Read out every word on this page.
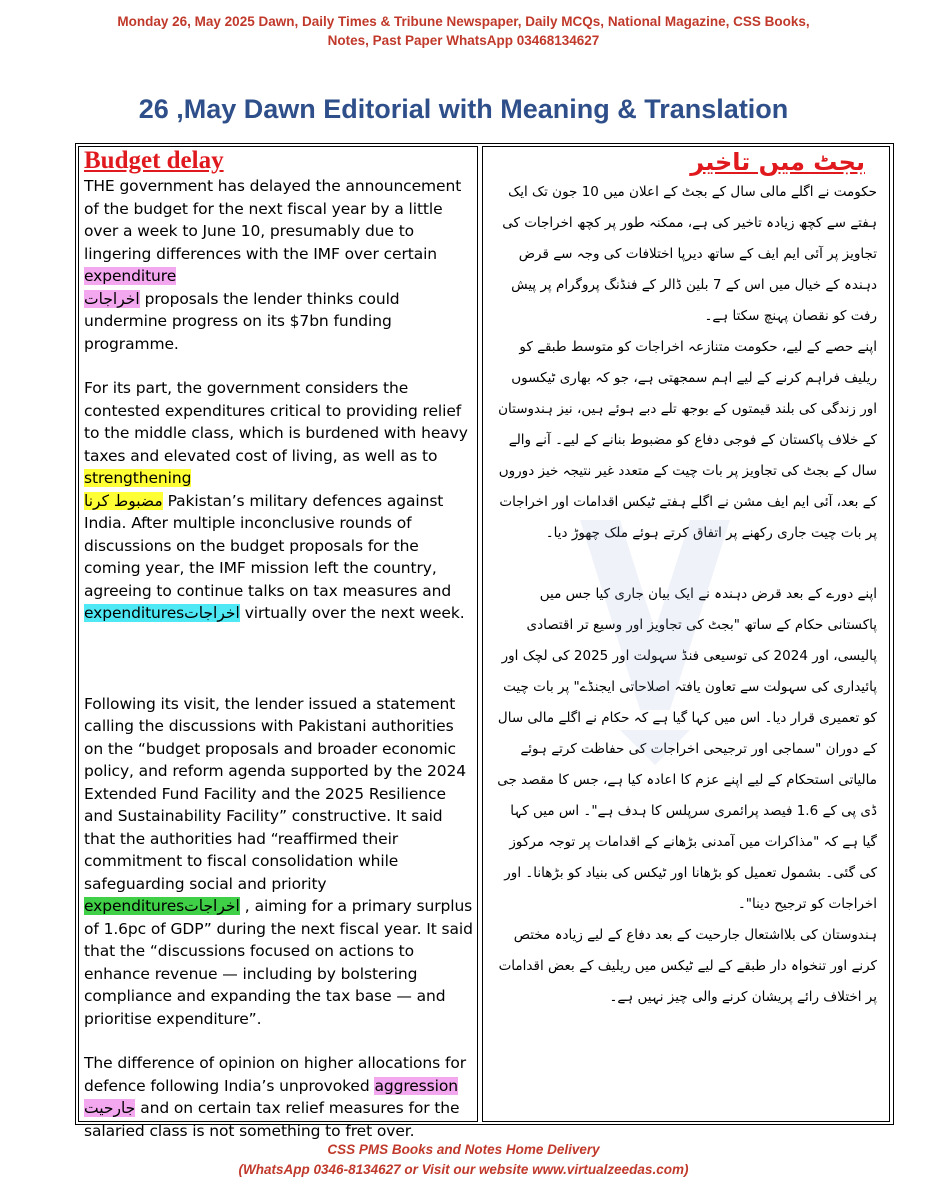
Monday 26, May 2025 Dawn, Daily Times & Tribune Newspaper, Daily MCQs, National Magazine, CSS Books,
Notes, Past Paper WhatsApp 03468134627
26 ,May Dawn Editorial with Meaning & Translation
Budget delay

THE government has delayed the announcement of the budget for the next fiscal year by a little over a week to June 10, presumably due to lingering differences with the IMF over certain expenditure
اخراجات proposals the lender thinks could undermine progress on its $7bn funding programme.

For its part, the government considers the contested expenditures critical to providing relief to the middle class, which is burdened with heavy taxes and elevated cost of living, as well as to strengthening
مضبوط کرنا Pakistan’s military defences against India. After multiple inconclusive rounds of discussions on the budget proposals for the coming year, the IMF mission left the country, agreeing to continue talks on tax measures and expendituresاخراجات virtually over the next week.

Following its visit, the lender issued a statement calling the discussions with Pakistani authorities on the “budget proposals and broader economic policy, and reform agenda supported by the 2024 Extended Fund Facility and the 2025 Resilience and Sustainability Facility” constructive. It said that the authorities had “reaffirmed their commitment to fiscal consolidation while safeguarding social and priority expendituresاخراجات , aiming for a primary surplus of 1.6pc of GDP” during the next fiscal year. It said that the “discussions focused on actions to enhance revenue — including by bolstering compliance and expanding the tax base — and prioritise expenditure”.

The difference of opinion on higher allocations for defence following India’s unprovoked aggression
جارحیت and on certain tax relief measures for the salaried class is not something to fret over.

بجٹ میں تاخیر

حکومت نے اگلے مالی سال کے بجٹ کے اعلان میں 10 جون تک ایک ہفتے سے کچھ زیادہ تاخیر کی ہے، ممکنہ طور پر کچھ اخراجات کی تجاویز پر آئی ایم ایف کے ساتھ دیرپا اختلافات کی وجہ سے قرض دہندہ کے خیال میں اس کے 7 بلین ڈالر کے فنڈنگ پروگرام پر پیش رفت کو نقصان پہنچ سکتا ہے۔

اپنے حصے کے لیے، حکومت متنازعہ اخراجات کو متوسط طبقے کو ریلیف فراہم کرنے کے لیے اہم سمجھتی ہے، جو کہ بھاری ٹیکسوں اور زندگی کی بلند قیمتوں کے بوجھ تلے دبے ہوئے ہیں، نیز ہندوستان کے خلاف پاکستان کے فوجی دفاع کو مضبوط بنانے کے لیے۔ آنے والے سال کے بجٹ کی تجاویز پر بات چیت کے متعدد غیر نتیجہ خیز دوروں کے بعد، آئی ایم ایف مشن نے اگلے ہفتے ٹیکس اقدامات اور اخراجات پر بات چیت جاری رکھنے پر اتفاق کرتے ہوئے ملک چھوڑ دیا۔

اپنے دورے کے بعد قرض دہندہ نے ایک بیان جاری کیا جس میں پاکستانی حکام کے ساتھ "بجٹ کی تجاویز اور وسیع تر اقتصادی پالیسی، اور 2024 کی توسیعی فنڈ سہولت اور 2025 کی لچک اور پائیداری کی سہولت سے تعاون یافتہ اصلاحاتی ایجنڈے" پر بات چیت کو تعمیری قرار دیا۔ اس میں کہا گیا ہے کہ حکام نے اگلے مالی سال کے دوران "سماجی اور ترجیحی اخراجات کی حفاظت کرتے ہوئے مالیاتی استحکام کے لیے اپنے عزم کا اعادہ کیا ہے، جس کا مقصد جی ڈی پی کے 1.6 فیصد پرائمری سرپلس کا ہدف ہے"۔ اس میں کہا گیا ہے کہ "مذاکرات میں آمدنی بڑھانے کے اقدامات پر توجہ مرکوز کی گئی۔ بشمول تعمیل کو بڑھانا اور ٹیکس کی بنیاد کو بڑھانا۔ اور اخراجات کو ترجیح دینا"۔

ہندوستان کی بلااشتعال جارحیت کے بعد دفاع کے لیے زیادہ مختص کرنے اور تنخواہ دار طبقے کے لیے ٹیکس میں ریلیف کے بعض اقدامات پر اختلاف رائے پریشان کرنے والی چیز نہیں ہے۔

CSS PMS Books and Notes Home Delivery
(WhatsApp 0346-8134627 or Visit our website www.virtualzeedas.com)
